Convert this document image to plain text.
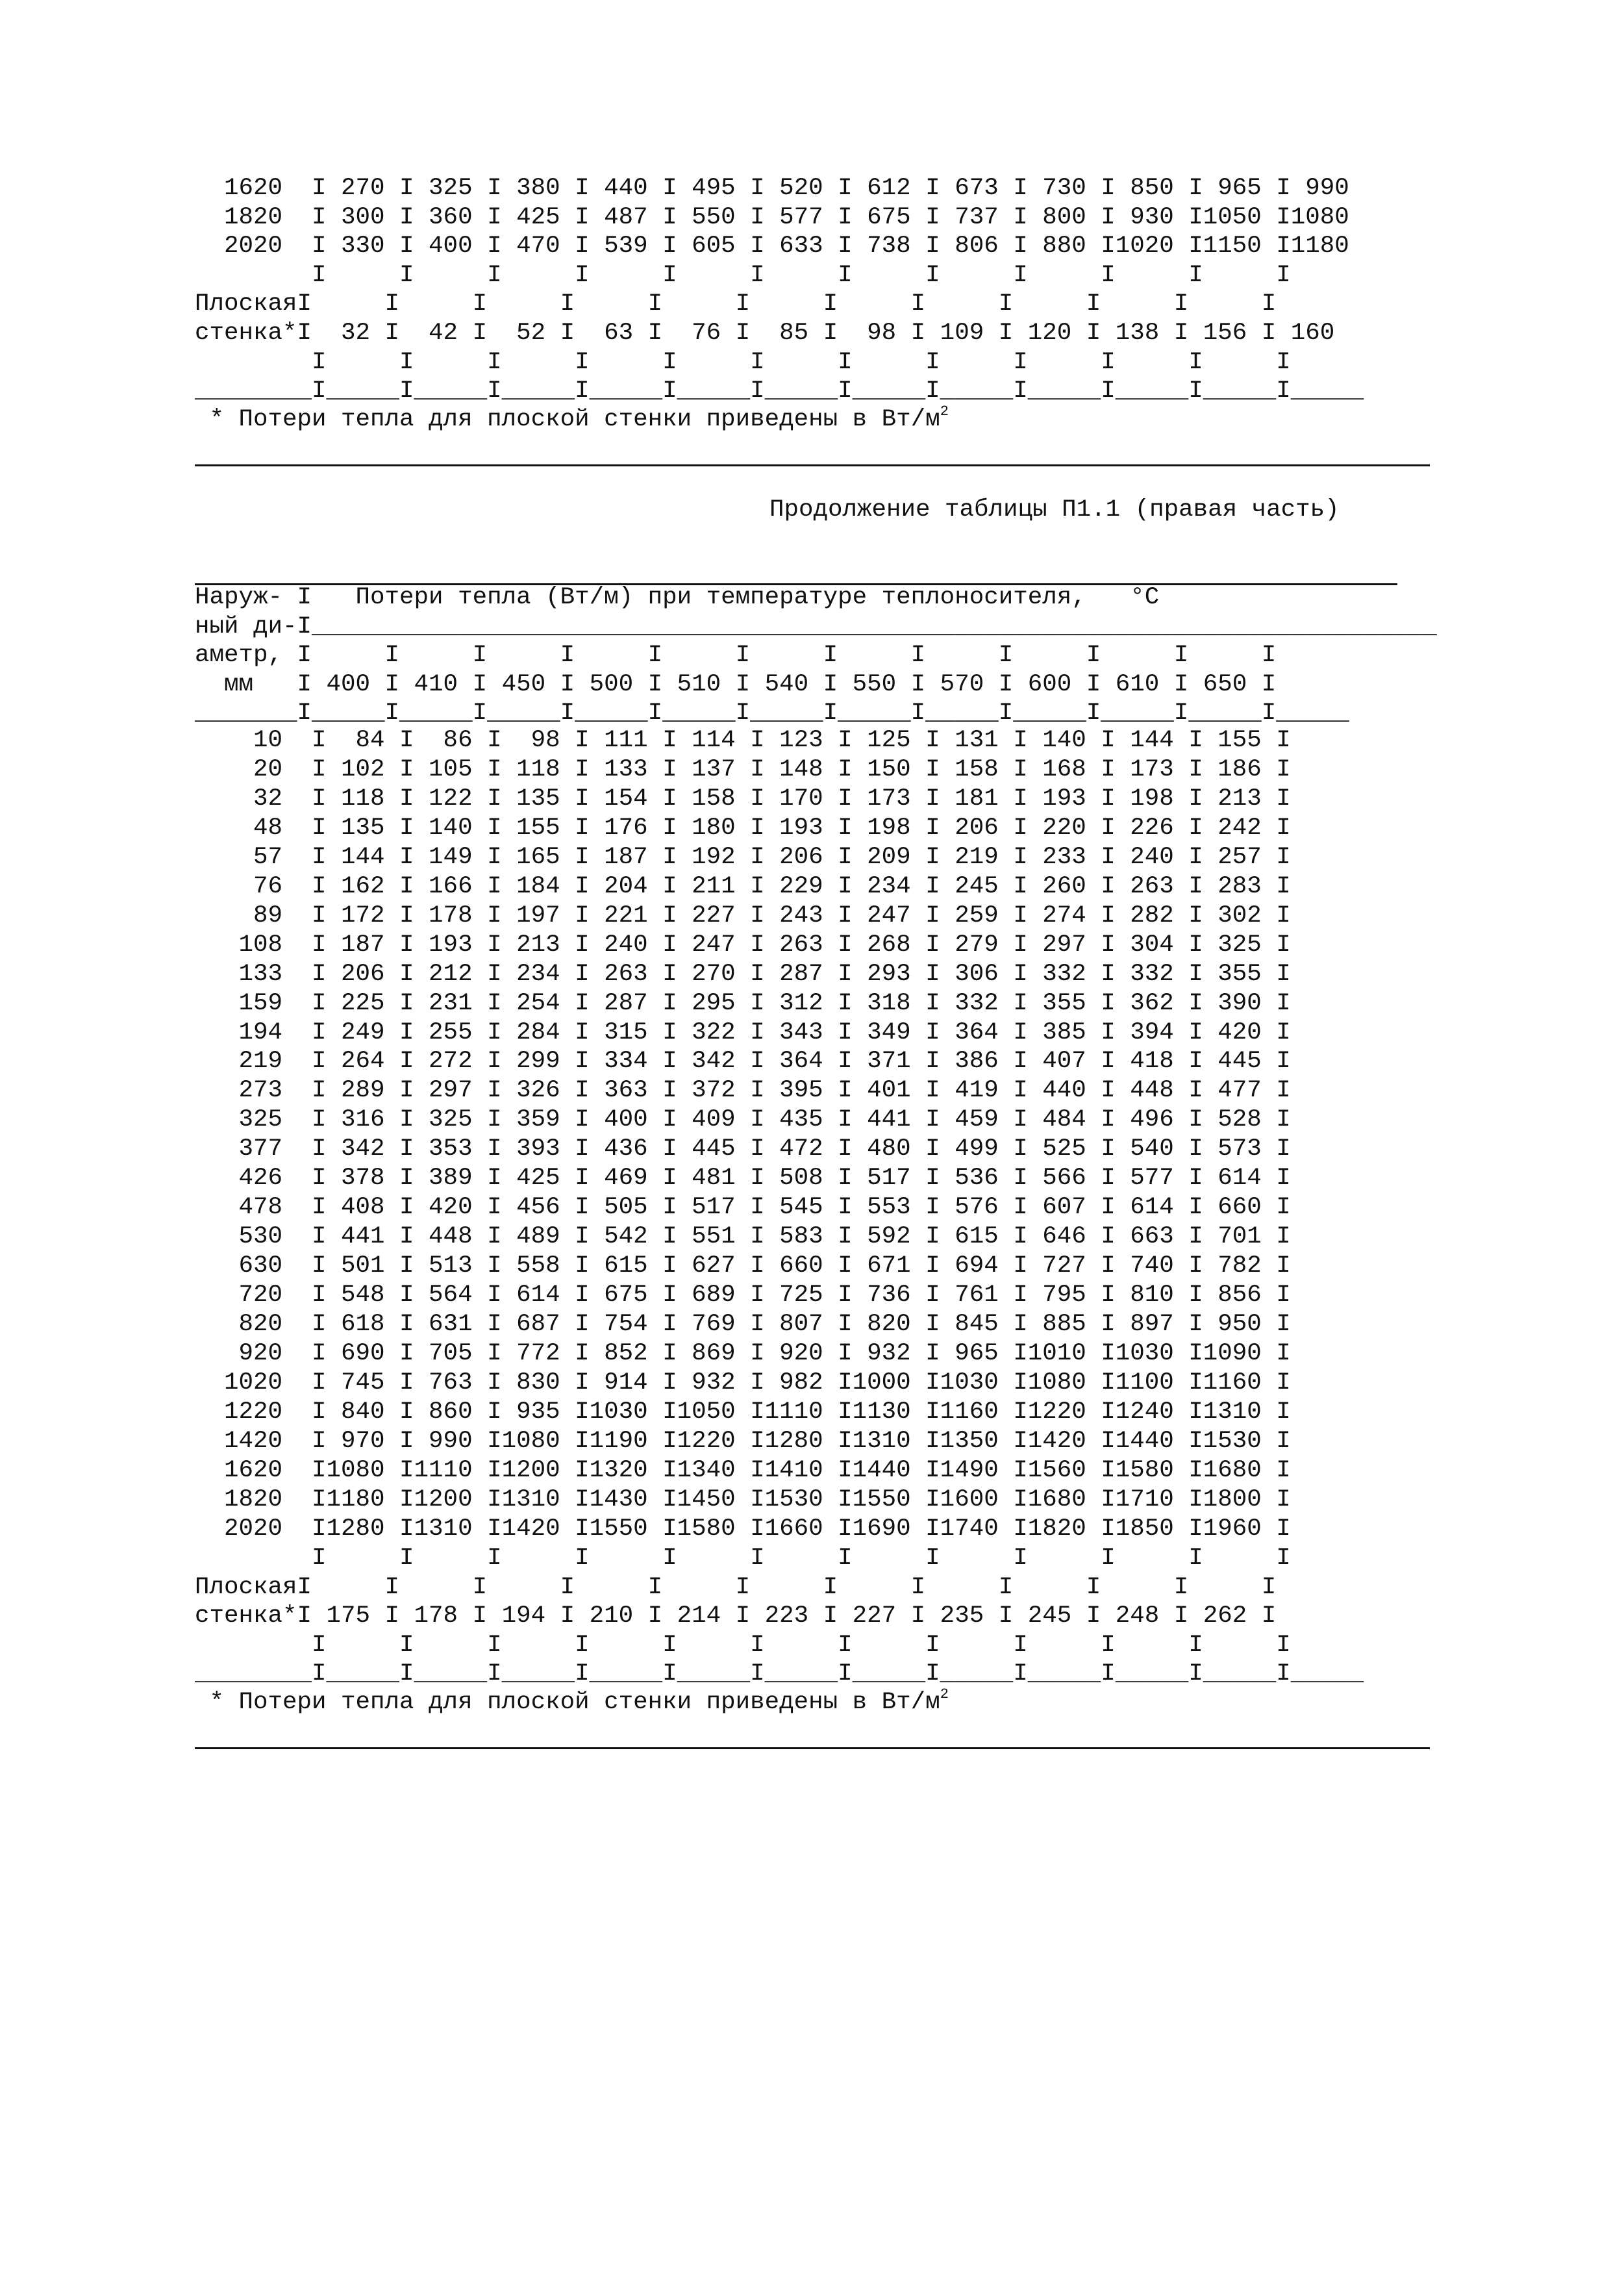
1620  I 270 I 325 I 380 I 440 I 495 I 520 I 612 I 673 I 730 I 850 I 965 I 990
1820  I 300 I 360 I 425 I 487 I 550 I 577 I 675 I 737 I 800 I 930 I1050 I1080
2020  I 330 I 400 I 470 I 539 I 605 I 633 I 738 I 806 I 880 I1020 I1150 I1180
I     I     I     I     I     I     I     I     I     I     I     I
ПлоскаяI     I     I     I     I     I     I     I     I     I     I     I
стенка*I  32 I  42 I  52 I  63 I  76 I  85 I  98 I 109 I 120 I 138 I 156 I 160
I     I     I     I     I     I     I     I     I     I     I     I
________I_____I_____I_____I_____I_____I_____I_____I_____I_____I_____I_____I_____
* Потери тепла для плоской стенки приведены в $Вт/м^2$
Продолжение таблицы П1.1 (правая часть)
Наруж- I   Потери тепла (Вт/м) при температуре теплоносителя,   °С
ный ди-I_____________________________________________________________________________
аметр, I     I     I     I     I     I     I     I     I     I     I     I
мм   I 400 I 410 I 450 I 500 I 510 I 540 I 550 I 570 I 600 I 610 I 650 I
_______I_____I_____I_____I_____I_____I_____I_____I_____I_____I_____I_____I_____
10  I  84 I  86 I  98 I 111 I 114 I 123 I 125 I 131 I 140 I 144 I 155 I
20  I 102 I 105 I 118 I 133 I 137 I 148 I 150 I 158 I 168 I 173 I 186 I
32  I 118 I 122 I 135 I 154 I 158 I 170 I 173 I 181 I 193 I 198 I 213 I
48  I 135 I 140 I 155 I 176 I 180 I 193 I 198 I 206 I 220 I 226 I 242 I
57  I 144 I 149 I 165 I 187 I 192 I 206 I 209 I 219 I 233 I 240 I 257 I
76  I 162 I 166 I 184 I 204 I 211 I 229 I 234 I 245 I 260 I 263 I 283 I
89  I 172 I 178 I 197 I 221 I 227 I 243 I 247 I 259 I 274 I 282 I 302 I
108  I 187 I 193 I 213 I 240 I 247 I 263 I 268 I 279 I 297 I 304 I 325 I
133  I 206 I 212 I 234 I 263 I 270 I 287 I 293 I 306 I 332 I 332 I 355 I
159  I 225 I 231 I 254 I 287 I 295 I 312 I 318 I 332 I 355 I 362 I 390 I
194  I 249 I 255 I 284 I 315 I 322 I 343 I 349 I 364 I 385 I 394 I 420 I
219  I 264 I 272 I 299 I 334 I 342 I 364 I 371 I 386 I 407 I 418 I 445 I
273  I 289 I 297 I 326 I 363 I 372 I 395 I 401 I 419 I 440 I 448 I 477 I
325  I 316 I 325 I 359 I 400 I 409 I 435 I 441 I 459 I 484 I 496 I 528 I
377  I 342 I 353 I 393 I 436 I 445 I 472 I 480 I 499 I 525 I 540 I 573 I
426  I 378 I 389 I 425 I 469 I 481 I 508 I 517 I 536 I 566 I 577 I 614 I
478  I 408 I 420 I 456 I 505 I 517 I 545 I 553 I 576 I 607 I 614 I 660 I
530  I 441 I 448 I 489 I 542 I 551 I 583 I 592 I 615 I 646 I 663 I 701 I
630  I 501 I 513 I 558 I 615 I 627 I 660 I 671 I 694 I 727 I 740 I 782 I
720  I 548 I 564 I 614 I 675 I 689 I 725 I 736 I 761 I 795 I 810 I 856 I
820  I 618 I 631 I 687 I 754 I 769 I 807 I 820 I 845 I 885 I 897 I 950 I
920  I 690 I 705 I 772 I 852 I 869 I 920 I 932 I 965 I1010 I1030 I1090 I
1020  I 745 I 763 I 830 I 914 I 932 I 982 I1000 I1030 I1080 I1100 I1160 I
1220  I 840 I 860 I 935 I1030 I1050 I1110 I1130 I1160 I1220 I1240 I1310 I
1420  I 970 I 990 I1080 I1190 I1220 I1280 I1310 I1350 I1420 I1440 I1530 I
1620  I1080 I1110 I1200 I1320 I1340 I1410 I1440 I1490 I1560 I1580 I1680 I
1820  I1180 I1200 I1310 I1430 I1450 I1530 I1550 I1600 I1680 I1710 I1800 I
2020  I1280 I1310 I1420 I1550 I1580 I1660 I1690 I1740 I1820 I1850 I1960 I
I     I     I     I     I     I     I     I     I     I     I     I
ПлоскаяI     I     I     I     I     I     I     I     I     I     I     I
стенка*I 175 I 178 I 194 I 210 I 214 I 223 I 227 I 235 I 245 I 248 I 262 I
I     I     I     I     I     I     I     I     I     I     I     I
________I_____I_____I_____I_____I_____I_____I_____I_____I_____I_____I_____I_____
* Потери тепла для плоской стенки приведены в $Вт/м^2$
